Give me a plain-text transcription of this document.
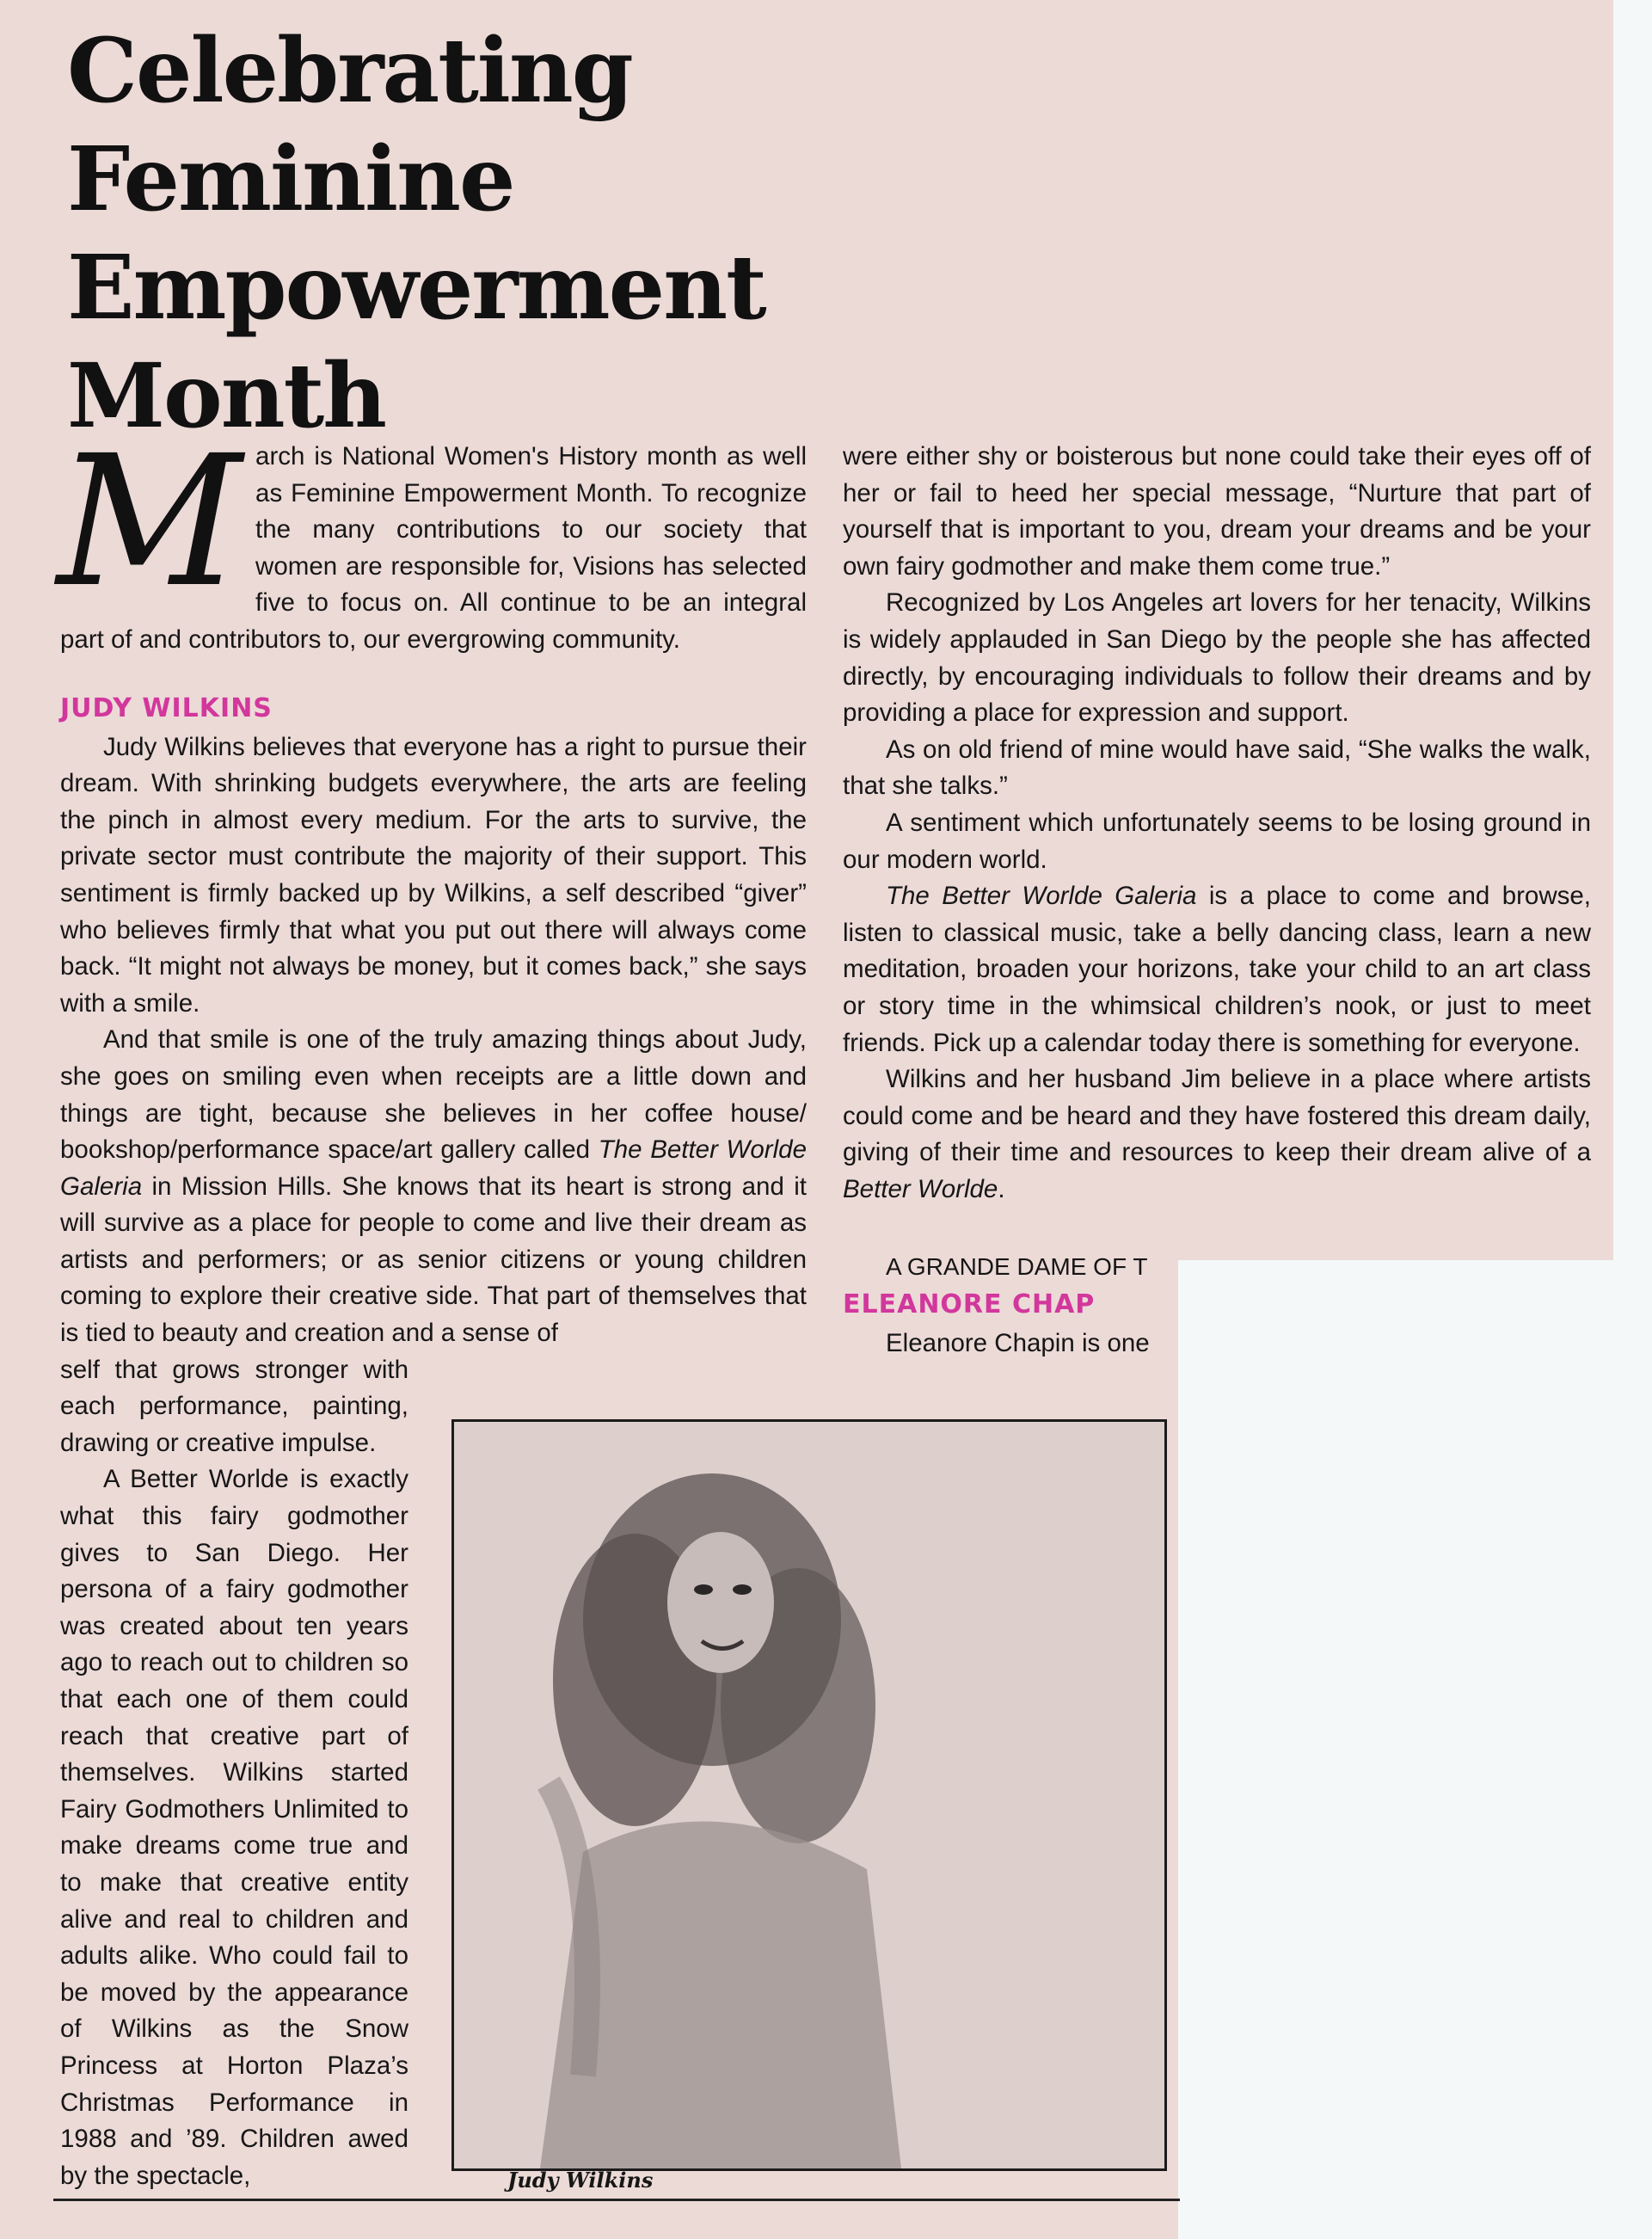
Celebrating Feminine Empowerment Month

March is National Women's History month as well as Feminine Empowerment Month. To recognize the many contributions to our society that women are responsible for, Visions has selected five to focus on. All continue to be an integral part of and contributors to, our evergrowing community.

JUDY WILKINS

Judy Wilkins believes that everyone has a right to pursue their dream. With shrinking budgets everywhere, the arts are feeling the pinch in almost every medium. For the arts to survive, the private sector must contribute the majority of their support. This sentiment is firmly backed up by Wilkins, a self described “giver” who believes firmly that what you put out there will always come back. “It might not always be money, but it comes back,” she says with a smile.

And that smile is one of the truly amazing things about Judy, she goes on smiling even when receipts are a little down and things are tight, because she believes in her coffee house/ bookshop/performance space/art gallery called The Better Worlde Galeria in Mission Hills. She knows that its heart is strong and it will survive as a place for people to come and live their dream as artists and performers; or as senior citizens or young children coming to explore their creative side. That part of themselves that is tied to beauty and creation and a sense of

self that grows stronger with each performance, painting, drawing or creative impulse.

A Better Worlde is exactly what this fairy godmother gives to San Diego. Her persona of a fairy godmother was created about ten years ago to reach out to children so that each one of them could reach that creative part of themselves. Wilkins started Fairy Godmothers Unlimited to make dreams come true and to make that creative entity alive and real to children and adults alike. Who could fail to be moved by the appearance of Wilkins as the Snow Princess at Horton Plaza’s Christmas Performance in 1988 and ’89. Children awed by the spectacle,

were either shy or boisterous but none could take their eyes off of her or fail to heed her special message, “Nurture that part of yourself that is important to you, dream your dreams and be your own fairy godmother and make them come true.”

Recognized by Los Angeles art lovers for her tenacity, Wilkins is widely applauded in San Diego by the people she has affected directly, by encouraging individuals to follow their dreams and by providing a place for expression and support.

As on old friend of mine would have said, “She walks the walk, that she talks.”

A sentiment which unfortunately seems to be losing ground in our modern world.

The Better Worlde Galeria is a place to come and browse, listen to classical music, take a belly dancing class, learn a new meditation, broaden your horizons, take your child to an art class or story time in the whimsical children’s nook, or just to meet friends. Pick up a calendar today there is something for everyone.

Wilkins and her husband Jim believe in a place where artists could come and be heard and they have fostered this dream daily, giving of their time and resources to keep their dream alive of a Better Worlde.

A GRANDE DAME OF T

ELEANORE CHAP

Eleanore Chapin is one

Judy Wilkins
